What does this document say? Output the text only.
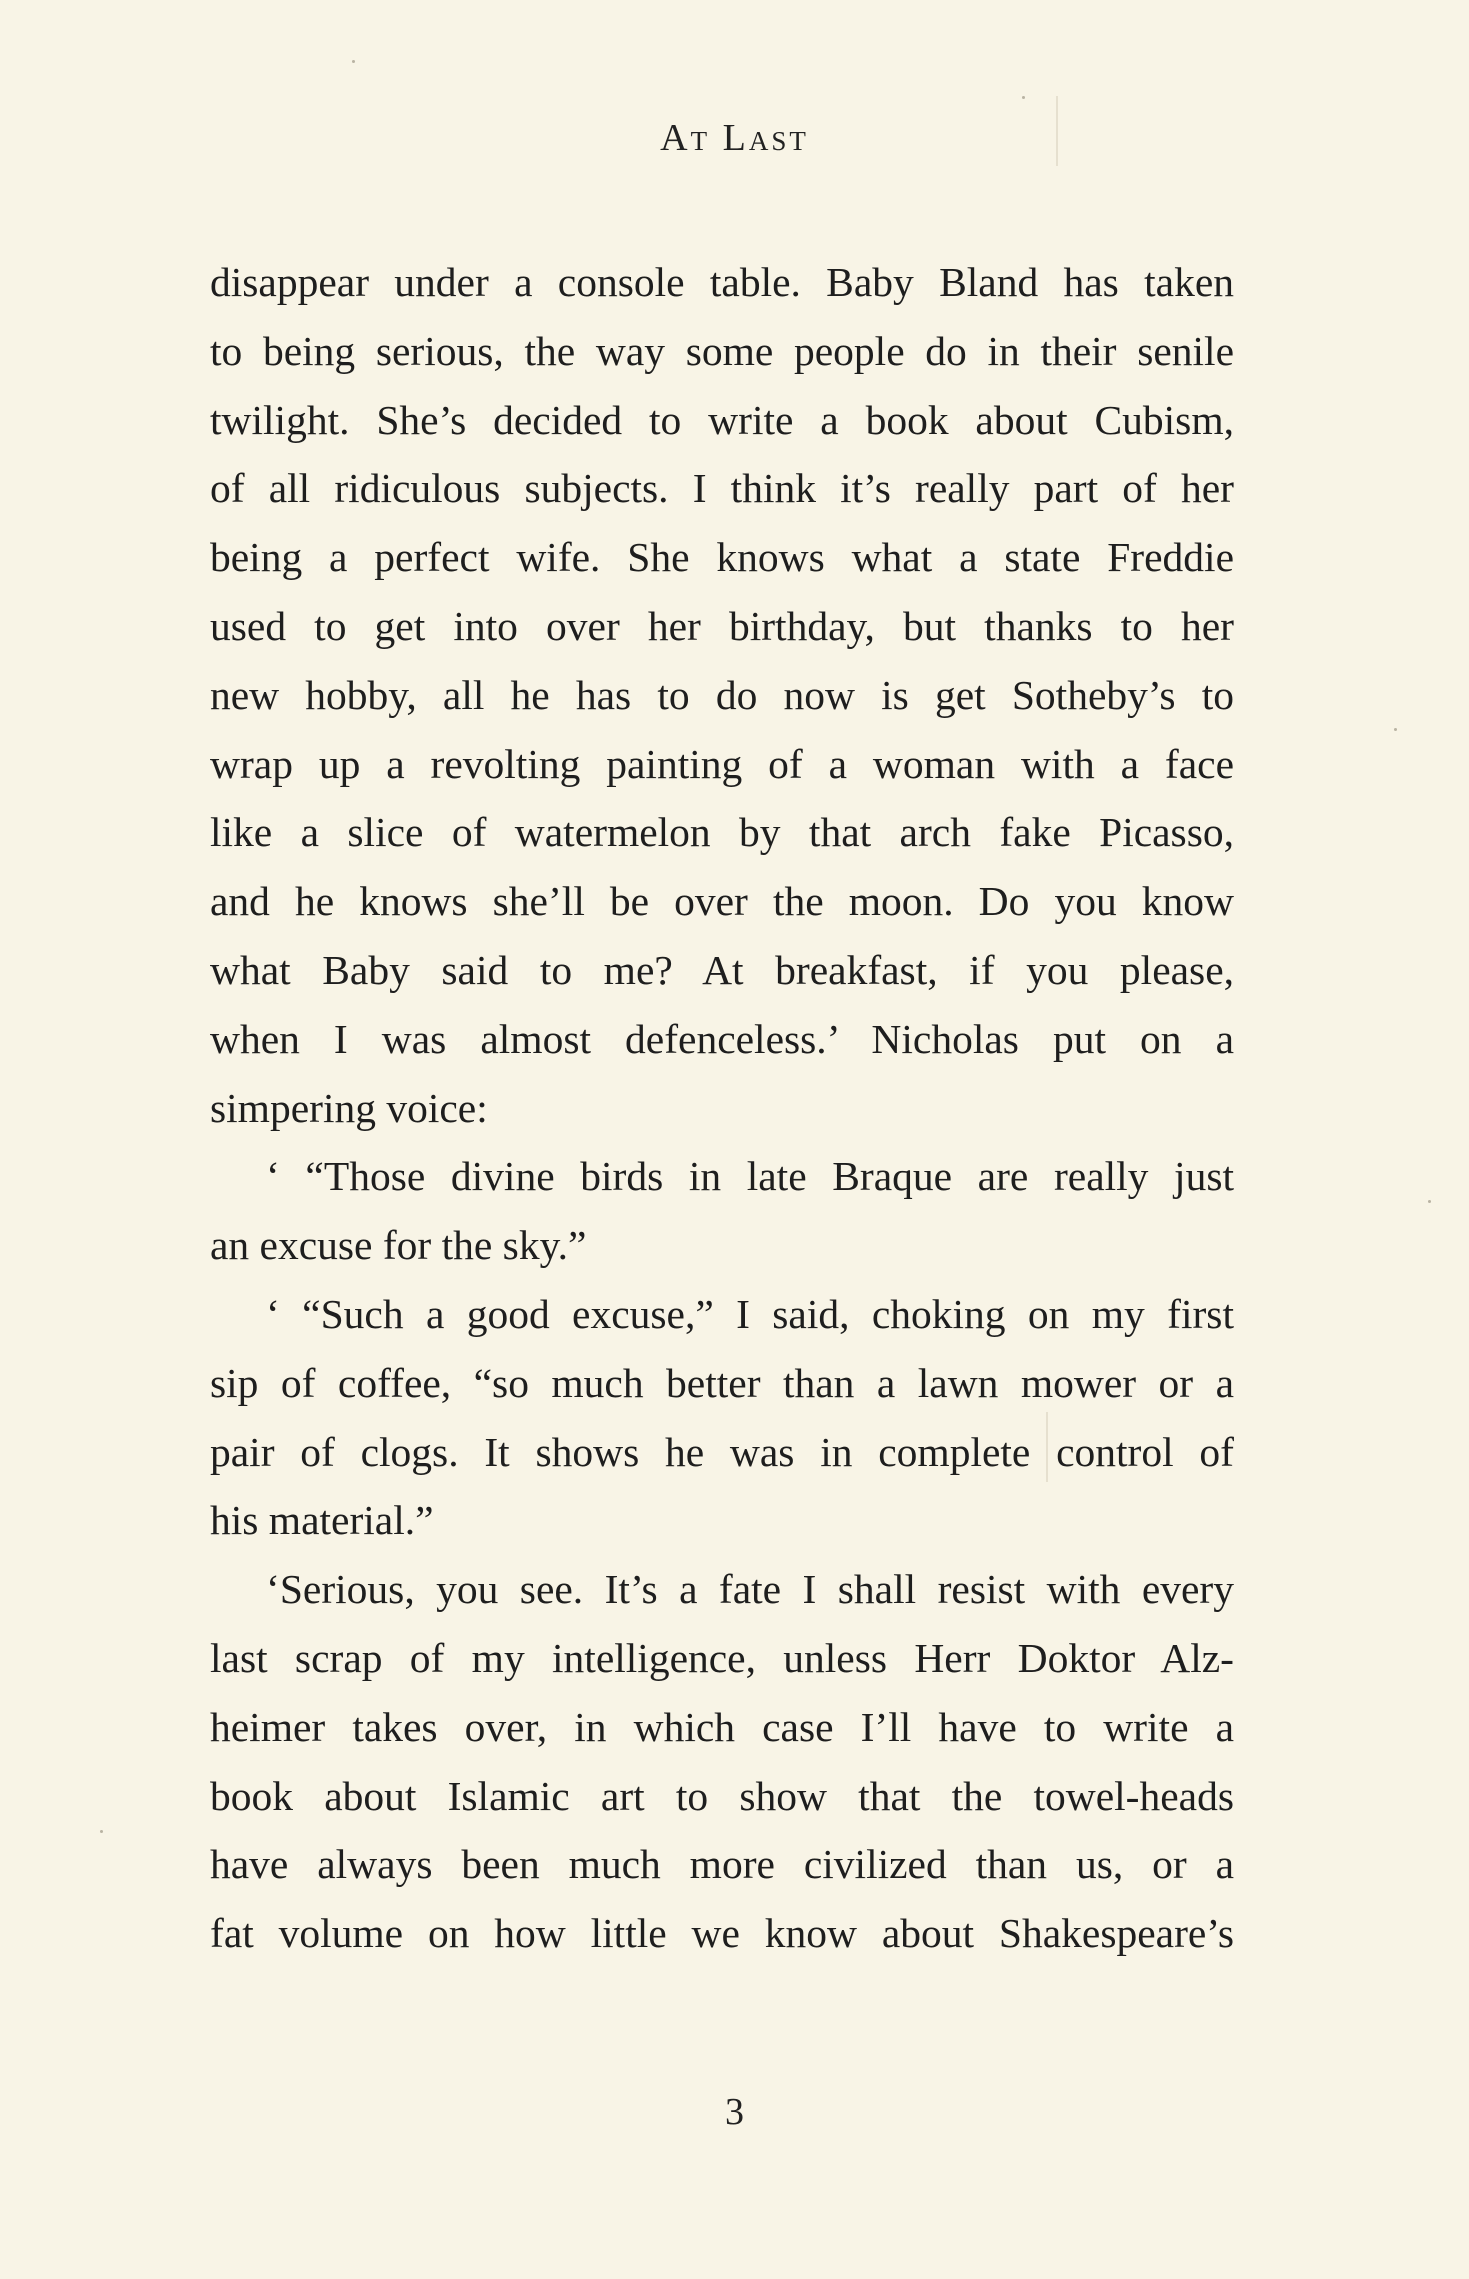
At Last
disappear under a console table. Baby Bland has taken
to being serious, the way some people do in their senile
twilight. She’s decided to write a book about Cubism,
of all ridiculous subjects. I think it’s really part of her
being a perfect wife. She knows what a state Freddie
used to get into over her birthday, but thanks to her
new hobby, all he has to do now is get Sotheby’s to
wrap up a revolting painting of a woman with a face
like a slice of watermelon by that arch fake Picasso,
and he knows she’ll be over the moon. Do you know
what Baby said to me? At breakfast, if you please,
when I was almost defenceless.’ Nicholas put on a
simpering voice:
‘ “Those divine birds in late Braque are really just
an excuse for the sky.”
‘ “Such a good excuse,” I said, choking on my first
sip of coffee, “so much better than a lawn mower or a
pair of clogs. It shows he was in complete control of
his material.”
‘Serious, you see. It’s a fate I shall resist with every
last scrap of my intelligence, unless Herr Doktor Alz-
heimer takes over, in which case I’ll have to write a
book about Islamic art to show that the towel-heads
have always been much more civilized than us, or a
fat volume on how little we know about Shakespeare’s
3
